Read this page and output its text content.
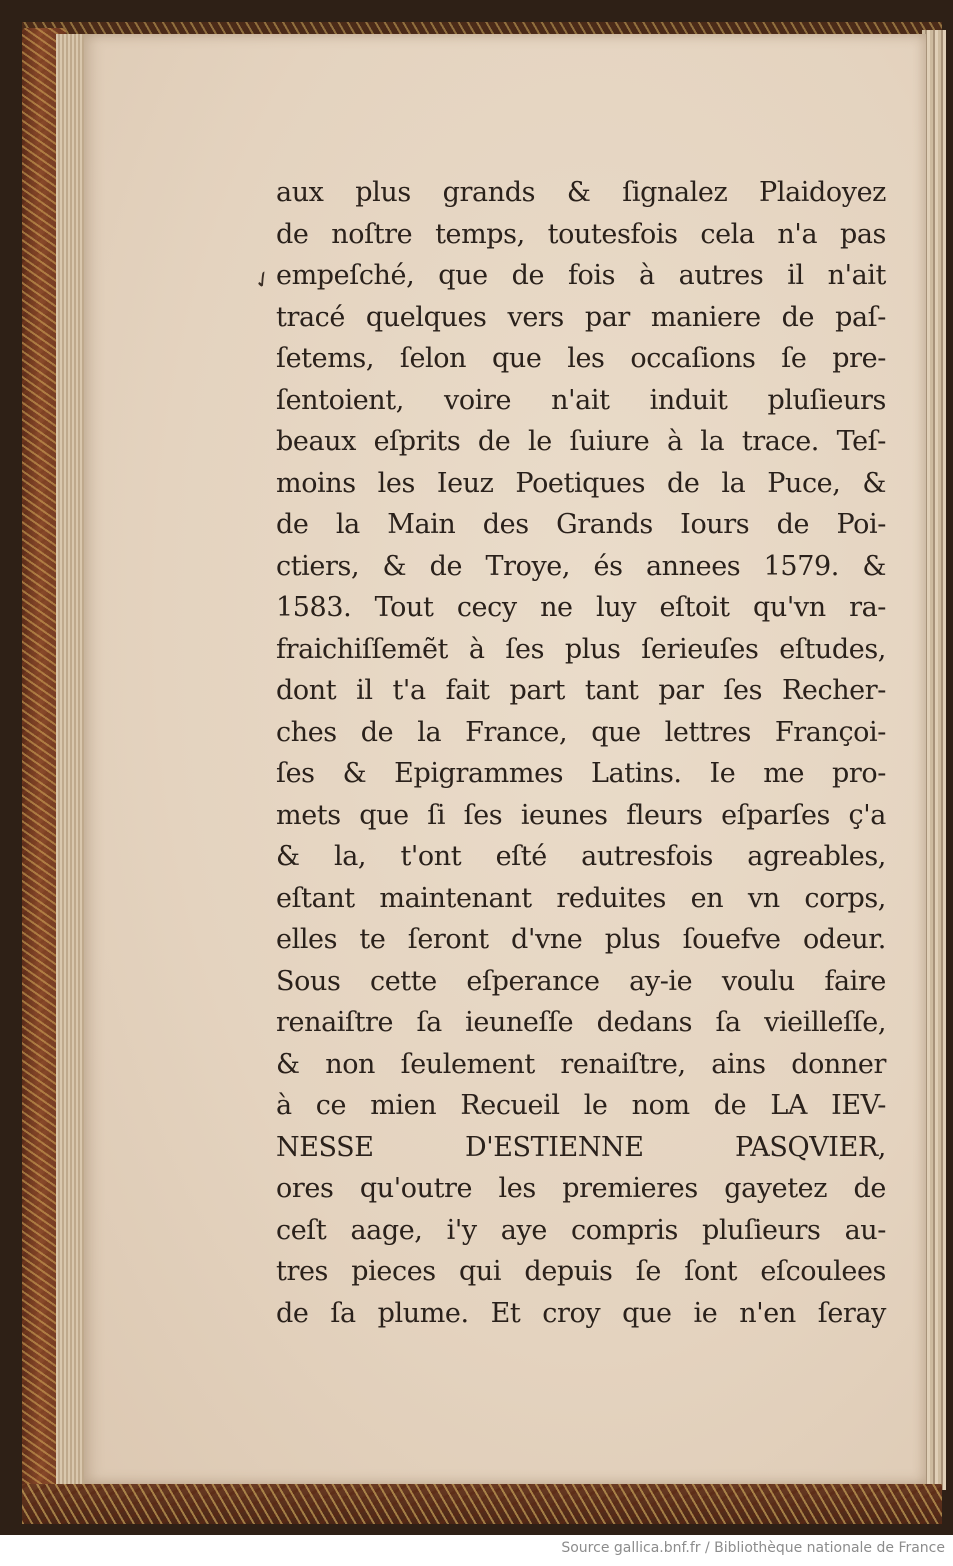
✓
aux plus grands & ſignalez Plaidoyez
de noſtre temps, toutesfois cela n'a pas
empeſché, que de fois à autres il n'ait
tracé quelques vers par maniere de paſ-
ſetems, ſelon que les occaſions ſe pre-
ſentoient, voire n'ait induit pluſieurs
beaux eſprits de le ſuiure à la trace. Teſ-
moins les Ieuz Poetiques de la Puce, &
de la Main des Grands Iours de Poi-
ctiers, & de Troye, és annees 1579. &
1583. Tout cecy ne luy eſtoit qu'vn ra-
fraichiſſemẽt à ſes plus ſerieuſes eſtudes,
dont il t'a fait part tant par ſes Recher-
ches de la France, que lettres Françoi-
ſes & Epigrammes Latins. Ie me pro-
mets que ſi ſes ieunes fleurs eſparſes ç'a
& la, t'ont eſté autresfois agreables,
eſtant maintenant reduites en vn corps,
elles te ſeront d'vne plus ſouefve odeur.
Sous cette eſperance ay-ie voulu faire
renaiſtre ſa ieuneſſe dedans ſa vieilleſſe,
& non ſeulement renaiſtre, ains donner
à ce mien Recueil le nom de LA IEV-
NESSE D'ESTIENNE PASQVIER,
ores qu'outre les premieres gayetez de
ceſt aage, i'y aye compris pluſieurs au-
tres pieces qui depuis ſe ſont eſcoulees
de ſa plume. Et croy que ie n'en ſeray
Source gallica.bnf.fr / Bibliothèque nationale de France
